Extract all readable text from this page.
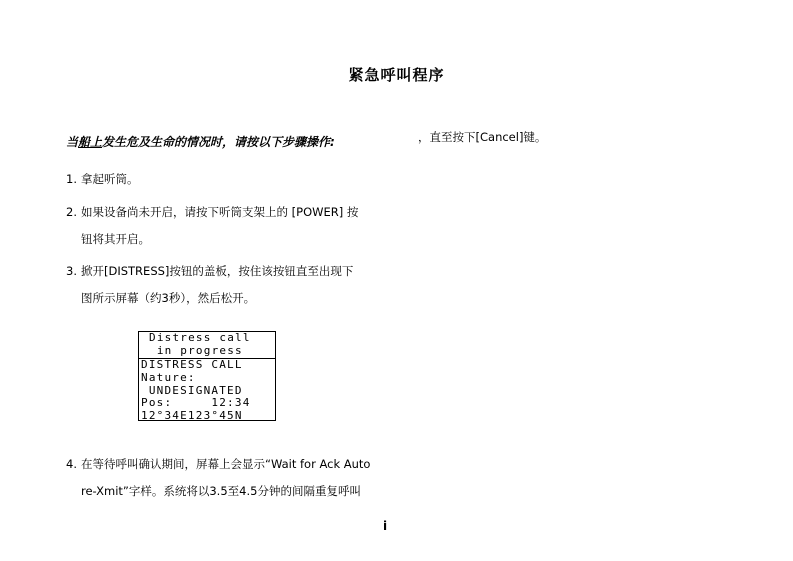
紧急呼叫程序
当船上发生危及生命的情况时，请按以下步骤操作:	，直至按下[Cancel]键。
1. 拿起听筒。
2. 如果设备尚未开启，请按下听筒支架上的 [POWER] 按
钮将其开启。
3. 掀开[DISTRESS]按钮的盖板，按住该按钮直至出现下
图所示屏幕（约3秒），然后松开。
Distress call
in progress
DISTRESS CALL
Nature:
UNDESIGNATED
Pos:     12:34
12°34E123°45N
4. 在等待呼叫确认期间，屏幕上会显示“Wait for Ack Auto
re-Xmit”字样。系统将以3.5至4.5分钟的间隔重复呼叫
i
